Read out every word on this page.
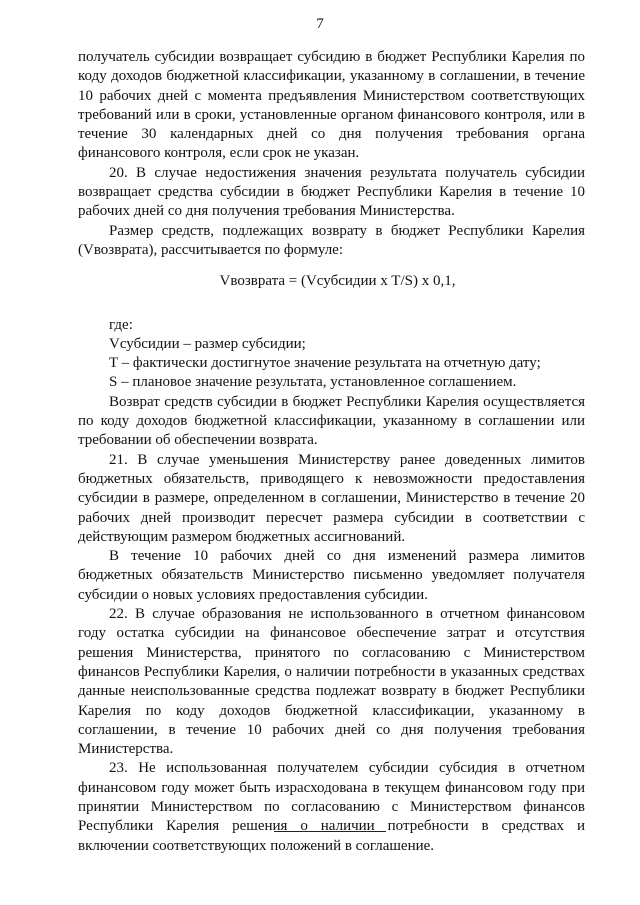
7

получатель субсидии возвращает субсидию в бюджет Республики Карелия по коду доходов бюджетной классификации, указанному в соглашении, в течение 10 рабочих дней с момента предъявления Министерством соответствующих требований или в сроки, установленные органом финансового контроля, или в течение 30 календарных дней со дня получения требования органа финансового контроля, если срок не указан.

20. В случае недостижения значения результата получатель субсидии возвращает средства субсидии в бюджет Республики Карелия в течение 10 рабочих дней со дня получения требования Министерства.

Размер средств, подлежащих возврату в бюджет Республики Карелия (Vвозврата), рассчитывается по формуле:

Vвозврата = (Vсубсидии x T/S) x 0,1,

где:

Vсубсидии – размер субсидии;

T – фактически достигнутое значение результата на отчетную дату;

S – плановое значение результата, установленное соглашением.

Возврат средств субсидии в бюджет Республики Карелия осуществляется по коду доходов бюджетной классификации, указанному в соглашении или требовании об обеспечении возврата.

21. В случае уменьшения Министерству ранее доведенных лимитов бюджетных обязательств, приводящего к невозможности предоставления субсидии в размере, определенном в соглашении, Министерство в течение 20 рабочих дней производит пересчет размера субсидии в соответствии с действующим размером бюджетных ассигнований.

В течение 10 рабочих дней со дня изменений размера лимитов бюджетных обязательств Министерство письменно уведомляет получателя субсидии о новых условиях предоставления субсидии.

22. В случае образования не использованного в отчетном финансовом году остатка субсидии на финансовое обеспечение затрат и отсутствия решения Министерства, принятого по согласованию с Министерством финансов Республики Карелия, о наличии потребности в указанных средствах данные неиспользованные средства подлежат возврату в бюджет Республики Карелия по коду доходов бюджетной классификации, указанному в соглашении, в течение 10 рабочих дней со дня получения требования Министерства.

23. Не использованная получателем субсидии субсидия в отчетном финансовом году может быть израсходована в текущем финансовом году при принятии Министерством по согласованию с Министерством финансов Республики Карелия решения о наличии потребности в средствах и включении соответствующих положений в соглашение.
